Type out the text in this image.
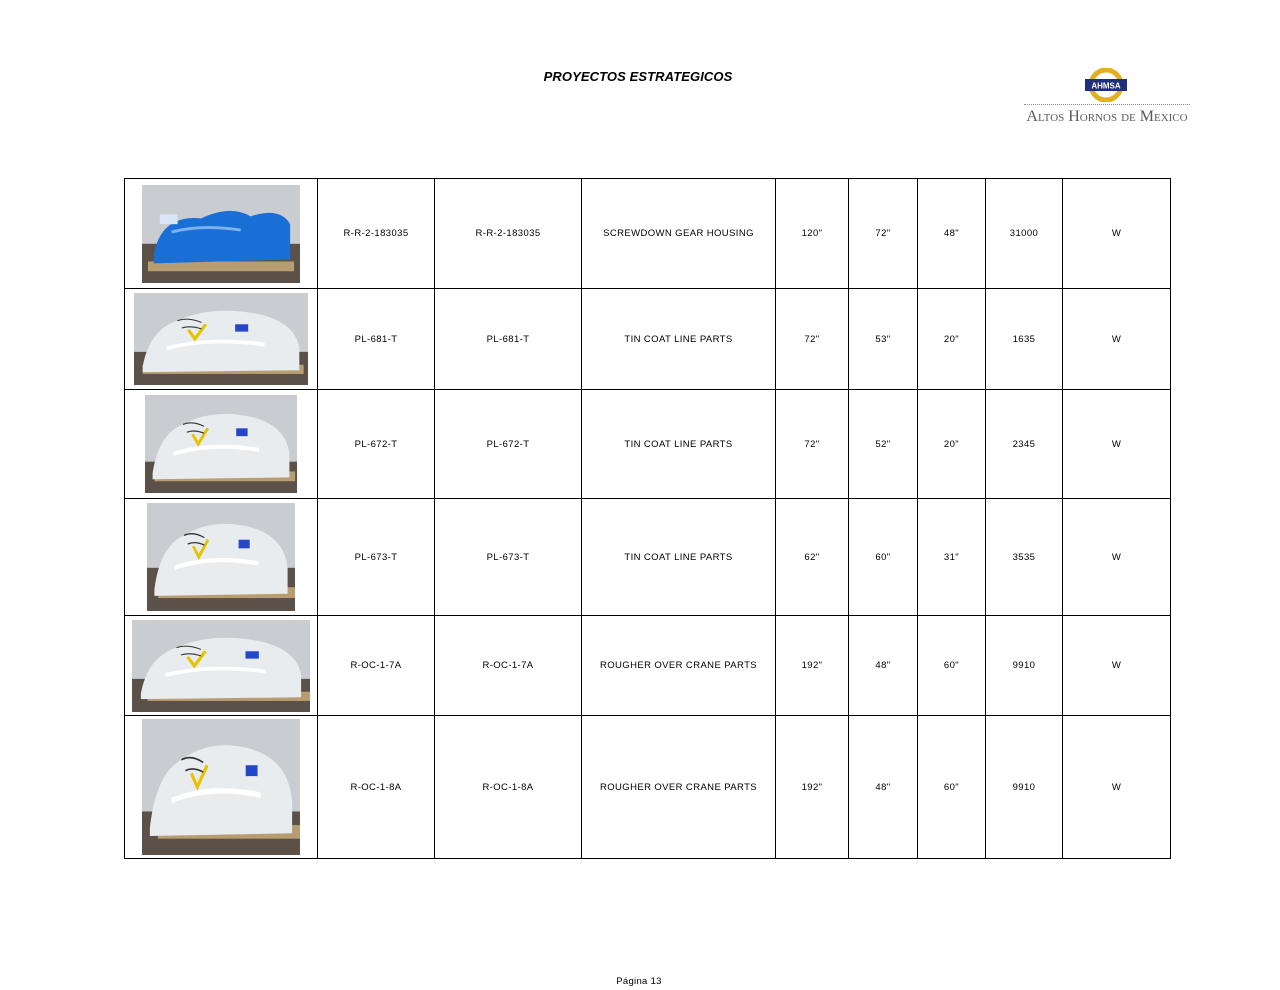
PROYECTOS ESTRATEGICOS
AHMSA
Altos Hornos de Mexico
	R-R-2-183035	R-R-2-183035	SCREWDOWN GEAR HOUSING	120"	72"	48"	31000	W

	PL-681-T	PL-681-T	TIN COAT LINE PARTS	72"	53"	20"	1635	W

	PL-672-T	PL-672-T	TIN COAT LINE PARTS	72"	52"	20"	2345	W

	PL-673-T	PL-673-T	TIN COAT LINE PARTS	62"	60"	31"	3535	W

	R-OC-1-7A	R-OC-1-7A	ROUGHER OVER CRANE PARTS	192"	48"	60"	9910	W

	R-OC-1-8A	R-OC-1-8A	ROUGHER OVER CRANE PARTS	192"	48"	60"	9910	W
Página 13
